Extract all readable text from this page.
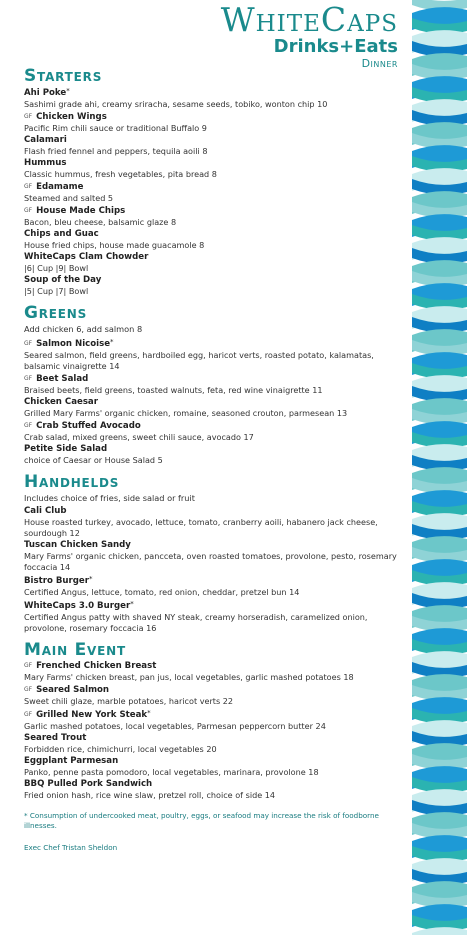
WhiteCaps
Drinks+Eats
Dinner
Starters
Ahi Poke*
Sashimi grade ahi, creamy sriracha, sesame seeds, tobiko, wonton chip 10
GF Chicken Wings
Pacific Rim chili sauce or traditional Buffalo 9
Calamari
Flash fried fennel and peppers, tequila aoili 8
Hummus
Classic hummus, fresh vegetables, pita bread 8
GF Edamame
Steamed and salted 5
GF House Made Chips
Bacon, bleu cheese, balsamic glaze 8
Chips and Guac
House fried chips, house made guacamole 8
WhiteCaps Clam Chowder
|6| Cup |9| Bowl
Soup of the Day
|5| Cup |7| Bowl
Greens
Add chicken 6, add salmon 8
GF Salmon Nicoise*
Seared salmon, field greens, hardboiled egg, haricot verts, roasted potato, kalamatas, balsamic vinaigrette 14
GF Beet Salad
Braised beets, field greens, toasted walnuts, feta, red wine vinaigrette 11
Chicken Caesar
Grilled Mary Farms' organic chicken, romaine, seasoned crouton, parmesean 13
GF Crab Stuffed Avocado
Crab salad, mixed greens, sweet chili sauce, avocado 17
Petite Side Salad
choice of Caesar or House Salad 5
Handhelds
Includes choice of fries, side salad or fruit
Cali Club
House roasted turkey, avocado, lettuce, tomato, cranberry aoili, habanero jack cheese, sourdough 12
Tuscan Chicken Sandy
Mary Farms' organic chicken, pancceta, oven roasted tomatoes, provolone, pesto, rosemary foccacia 14
Bistro Burger*
Certified Angus, lettuce, tomato, red onion, cheddar, pretzel bun 14
WhiteCaps 3.0 Burger*
Certified Angus patty with shaved NY steak, creamy horseradish, caramelized onion, provolone, rosemary foccacia 16
Main Event
GF Frenched Chicken Breast
Mary Farms' chicken breast, pan jus, local vegetables, garlic mashed potatoes 18
GF Seared Salmon
Sweet chili glaze, marble potatoes, haricot verts 22
GF Grilled New York Steak*
Garlic mashed potatoes, local vegetables, Parmesan peppercorn butter 24
Seared Trout
Forbidden rice, chimichurri, local vegetables 20
Eggplant Parmesan
Panko, penne pasta pomodoro, local vegetables, marinara, provolone 18
BBQ Pulled Pork Sandwich
Fried onion hash, rice wine slaw, pretzel roll, choice of side 14
* Consumption of undercooked meat, poultry, eggs, or seafood may increase the risk of foodborne illnesses.
Exec Chef Tristan Sheldon
